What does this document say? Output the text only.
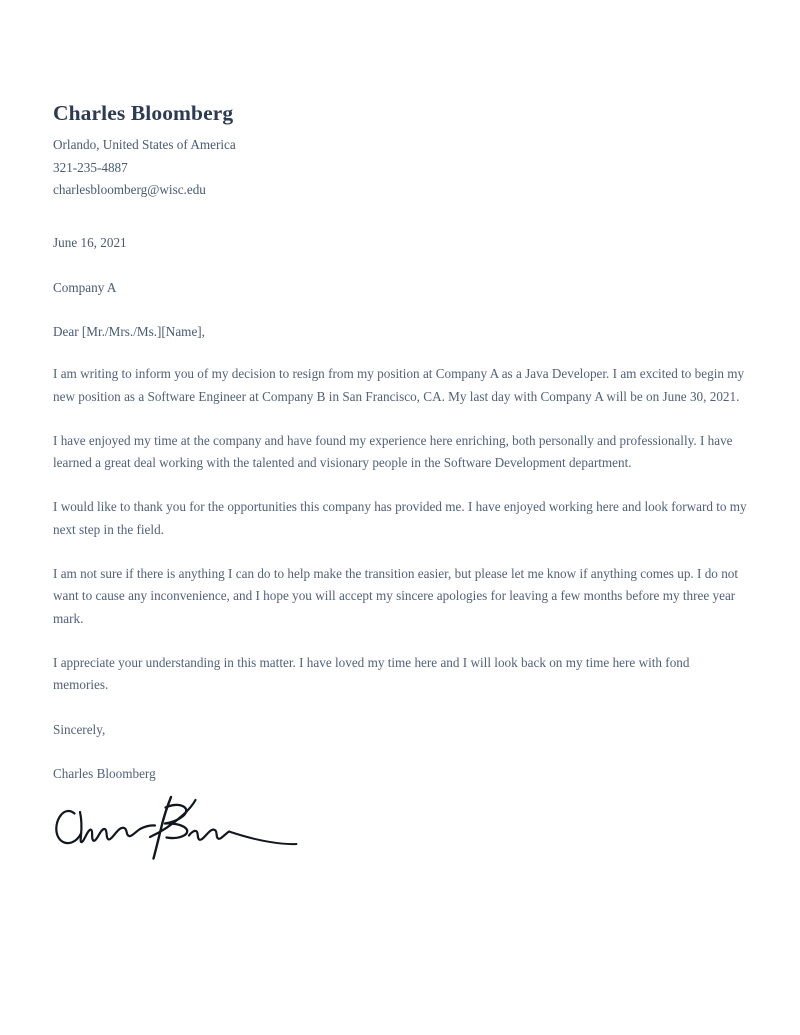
Charles Bloomberg

Orlando, United States of America

321-235-4887

charlesbloomberg@wisc.edu

June 16, 2021

Company A

Dear [Mr./Mrs./Ms.][Name],

I am writing to inform you of my decision to resign from my position at Company A as a Java Developer. I am excited to begin my new position as a Software Engineer at Company B in San Francisco, CA. My last day with Company A will be on June 30, 2021.

I have enjoyed my time at the company and have found my experience here enriching, both personally and professionally. I have learned a great deal working with the talented and visionary people in the Software Development department.

I would like to thank you for the opportunities this company has provided me. I have enjoyed working here and look forward to my next step in the field.

I am not sure if there is anything I can do to help make the transition easier, but please let me know if anything comes up. I do not want to cause any inconvenience, and I hope you will accept my sincere apologies for leaving a few months before my three year mark.

I appreciate your understanding in this matter. I have loved my time here and I will look back on my time here with fond memories.

Sincerely,

Charles Bloomberg
